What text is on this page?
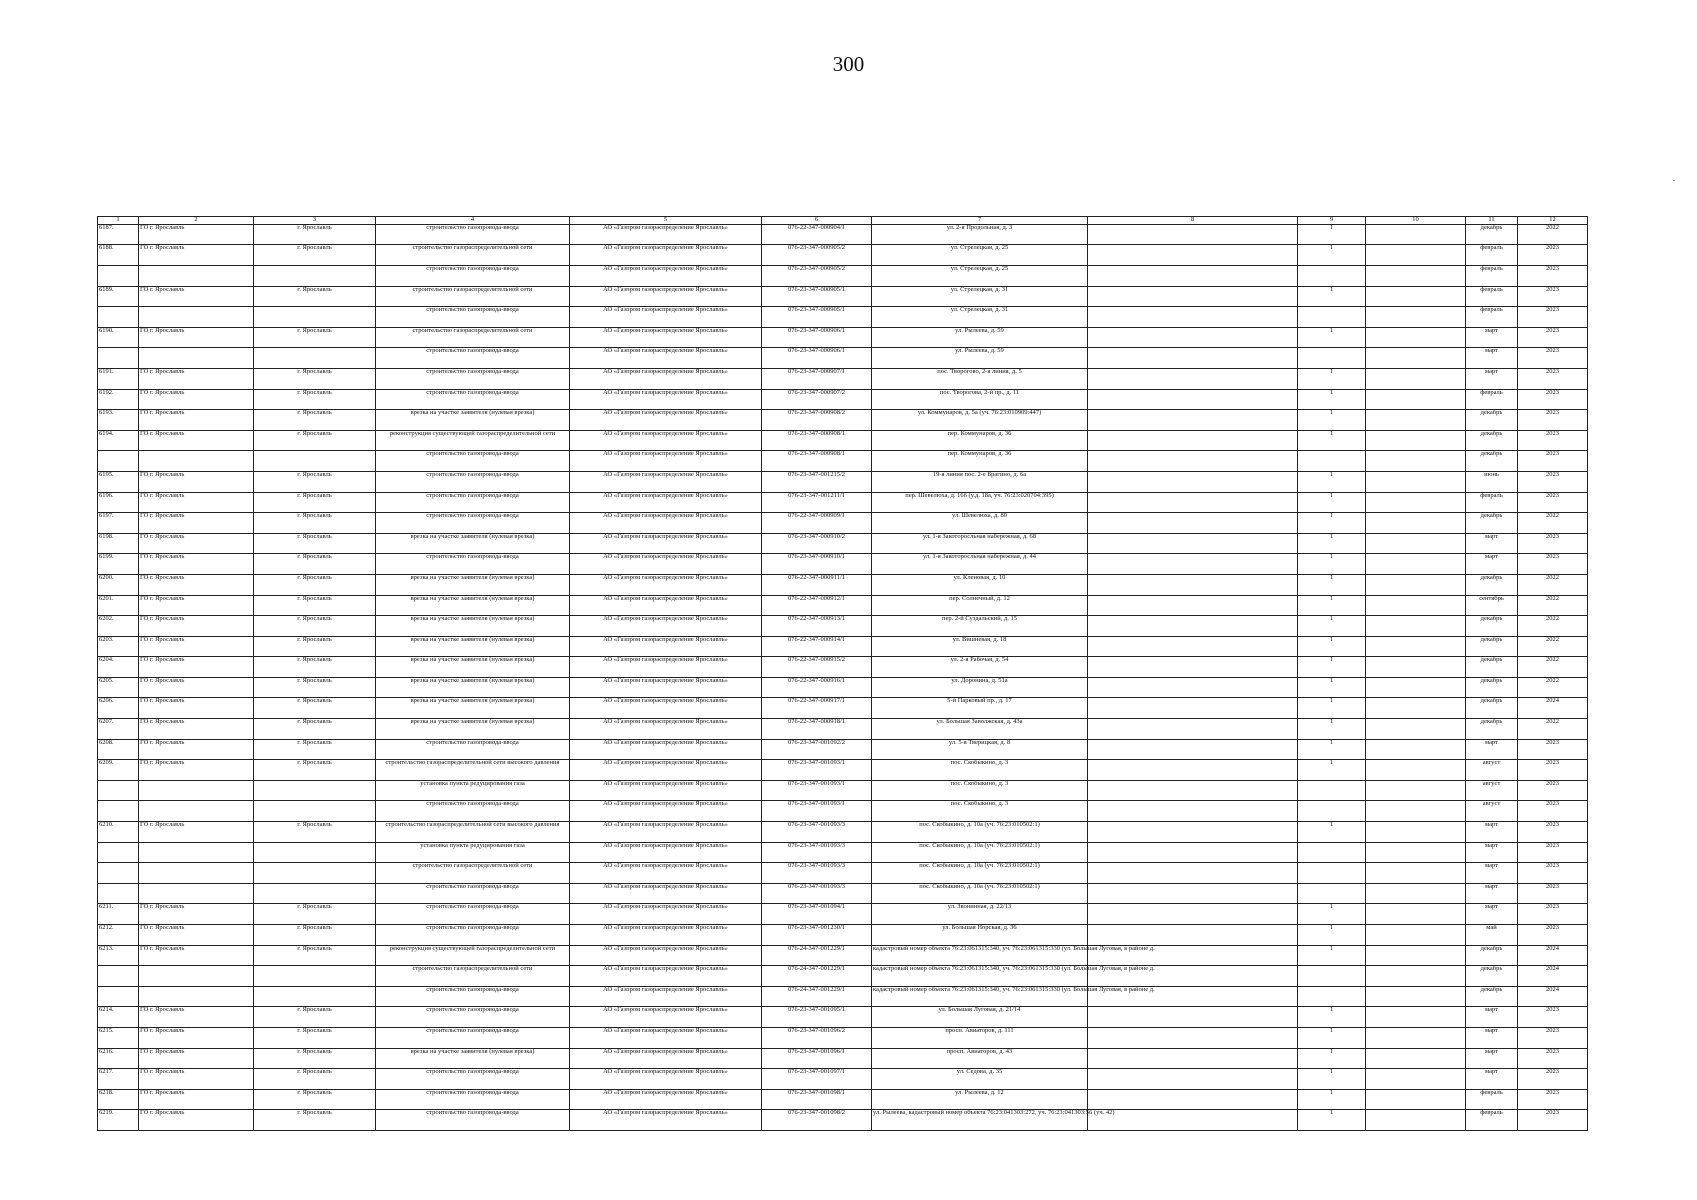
300
1	2	3	4	5	6	7	8	9	10	11	12
6187.	ГО г. Ярославль	г. Ярославль	строительство газопровода-ввода	АО «Газпром газораспределение Ярославль»	076-22-347-000904/1	ул. 2-я Продольная, д. 3		1		декабрь	2022
6188.	ГО г. Ярославль	г. Ярославль	строительство газораспределительной сети	АО «Газпром газораспределение Ярославль»	076-23-347-000905/2	ул. Стрелецкая, д. 25		1		февраль	2023
			строительство газопровода-ввода	АО «Газпром газораспределение Ярославль»	076-23-347-000905/2	ул. Стрелецкая, д. 25				февраль	2023
6189.	ГО г. Ярославль	г. Ярославль	строительство газораспределительной сети	АО «Газпром газораспределение Ярославль»	076-23-347-000905/1	ул. Стрелецкая, д. 31		1		февраль	2023
			строительство газопровода-ввода	АО «Газпром газораспределение Ярославль»	076-23-347-000905/1	ул. Стрелецкая, д. 31				февраль	2023
6190.	ГО г. Ярославль	г. Ярославль	строительство газораспределительной сети	АО «Газпром газораспределение Ярославль»	076-23-347-000906/1	ул. Рылеева, д. 59		1		март	2023
			строительство газопровода-ввода	АО «Газпром газораспределение Ярославль»	076-23-347-000906/1	ул. Рылеева, д. 59				март	2023
6191.	ГО г. Ярославль	г. Ярославль	строительство газопровода-ввода	АО «Газпром газораспределение Ярославль»	076-23-347-000907/1	пос. Творогово, 2-я линия, д. 5		1		март	2023
6192.	ГО г. Ярославль	г. Ярославль	строительство газопровода-ввода	АО «Газпром газораспределение Ярославль»	076-23-347-000907/2	пос. Творогова, 2-й пр., д. 11		1		февраль	2023
6193.	ГО г. Ярославль	г. Ярославль	врезка на участке заявителя (нулевая врезка)	АО «Газпром газораспределение Ярославль»	076-23-347-000908/2	ул. Коммунаров, д. 5а (уч. 76:23:010909:447)		1		декабрь	2023
6194.	ГО г. Ярославль	г. Ярославль	реконструкция существующей газораспределительной сети	АО «Газпром газораспределение Ярославль»	076-23-347-000908/1	пер. Коммунаров, д. 36		1		декабрь	2023
			строительство газопровода-ввода	АО «Газпром газораспределение Ярославль»	076-23-347-000908/1	пер. Коммунаров, д. 36				декабрь	2023
6195.	ГО г. Ярославль	г. Ярославль	строительство газопровода-ввода	АО «Газпром газораспределение Ярославль»	076-23-347-001215/2	19-я линия пос. 2-е Брагино, д. 6а		1		июнь	2023
6196.	ГО г. Ярославль	г. Ярославль	строительство газопровода-ввода	АО «Газпром газораспределение Ярославль»	076-23-347-001211/1	пер. Шевелюха, д. 166 (у.д. 18а, уч. 76:23:020704:395)		1		февраль	2023
6197.	ГО г. Ярославль	г. Ярославль	строительство газопровода-ввода	АО «Газпром газораспределение Ярославль»	076-22-347-000909/1	ул. Шевелюха, д. 80		1		декабрь	2022
6198.	ГО г. Ярославль	г. Ярославль	врезка на участке заявителя (нулевая врезка)	АО «Газпром газораспределение Ярославль»	076-23-347-000910/2	ул. 1-я Закоторосльная набережная, д. 68		1		март	2023
6199.	ГО г. Ярославль	г. Ярославль	строительство газопровода-ввода	АО «Газпром газораспределение Ярославль»	076-23-347-000910/1	ул. 1-я Закоторосльная набережная, д. 44		1		март	2023
6200.	ГО г. Ярославль	г. Ярославль	врезка на участке заявителя (нулевая врезка)	АО «Газпром газораспределение Ярославль»	076-22-347-000911/1	ул. Кленовая, д. 10		1		декабрь	2022
6201.	ГО г. Ярославль	г. Ярославль	врезка на участке заявителя (нулевая врезка)	АО «Газпром газораспределение Ярославль»	076-22-347-000912/1	пер. Солнечный, д. 12		1		сентябрь	2022
6202.	ГО г. Ярославль	г. Ярославль	врезка на участке заявителя (нулевая врезка)	АО «Газпром газораспределение Ярославль»	076-22-347-000913/1	пер. 2-й Суздальский, д. 15		1		декабрь	2022
6203.	ГО г. Ярославль	г. Ярославль	врезка на участке заявителя (нулевая врезка)	АО «Газпром газораспределение Ярославль»	076-22-347-000914/1	ул. Вишневая, д. 18		1		декабрь	2022
6204.	ГО г. Ярославль	г. Ярославль	врезка на участке заявителя (нулевая врезка)	АО «Газпром газораспределение Ярославль»	076-22-347-000915/2	ул. 2-я Рабочая, д. 54		1		декабрь	2022
6205.	ГО г. Ярославль	г. Ярославль	врезка на участке заявителя (нулевая врезка)	АО «Газпром газораспределение Ярославль»	076-22-347-000916/1	ул. Доронина, д. 51а		1		декабрь	2022
6206.	ГО г. Ярославль	г. Ярославль	врезка на участке заявителя (нулевая врезка)	АО «Газпром газораспределение Ярославль»	076-22-347-000917/1	5-й Парковый пр., д. 17		1		декабрь	2024
6207.	ГО г. Ярославль	г. Ярославль	врезка на участке заявителя (нулевая врезка)	АО «Газпром газораспределение Ярославль»	076-22-347-000918/1	ул. Большая Заволжская, д. 43а		1		декабрь	2022
6208.	ГО г. Ярославль	г. Ярославль	строительство газопровода-ввода	АО «Газпром газораспределение Ярославль»	076-23-347-001092/2	ул. 5-я Тверицкая, д. 8		1		март	2023
6209.	ГО г. Ярославль	г. Ярославль	строительство газораспределительной сети высокого давления	АО «Газпром газораспределение Ярославль»	076-23-347-001093/1	пос. Скобыкино, д. 3		1		август	2023
			установка пункта редуцирования газа	АО «Газпром газораспределение Ярославль»	076-23-347-001093/1	пос. Скобыкино, д. 3				август	2023
			строительство газопровода-ввода	АО «Газпром газораспределение Ярославль»	076-23-347-001093/1	пос. Скобыкино, д. 3				август	2023
6210.	ГО г. Ярославль	г. Ярославль	строительство газораспределительной сети высокого давления	АО «Газпром газораспределение Ярославль»	076-23-347-001093/3	пос. Скобыкино, д. 10а (уч. 76:23:010502:1)		1		март	2023
			установка пункта редуцирования газа	АО «Газпром газораспределение Ярославль»	076-23-347-001093/3	пос. Скобыкино, д. 10а (уч. 76:23:010502:1)				март	2023
			строительство газораспределительной сети	АО «Газпром газораспределение Ярославль»	076-23-347-001093/3	пос. Скобыкино, д. 10а (уч. 76:23:010502:1)				март	2023
			строительство газопровода-ввода	АО «Газпром газораспределение Ярославль»	076-23-347-001093/3	пос. Скобыкино, д. 10а (уч. 76:23:010502:1)				март	2023
6211.	ГО г. Ярославль	г. Ярославль	строительство газопровода-ввода	АО «Газпром газораспределение Ярославль»	076-23-347-001094/1	ул. Звонинная, д. 22/13		1		март	2023
6212.	ГО г. Ярославль	г. Ярославль	строительство газопровода-ввода	АО «Газпром газораспределение Ярославль»	076-23-347-001230/1	ул. Большая Норская, д. 36		1		май	2023
6213.	ГО г. Ярославль	г. Ярославль	реконструкция существующей газораспределительной сети	АО «Газпром газораспределение Ярославль»	076-24-347-001229/1	кадастровый номер объекта 76:23:061315:340, уч. 76:23:061315:330 (ул. Большая Луговая, в районе д.		1		декабрь	2024
			строительство газораспределительной сети	АО «Газпром газораспределение Ярославль»	076-24-347-001229/1	кадастровый номер объекта 76:23:061315:340, уч. 76:23:061315:330 (ул. Большая Луговая, в районе д.				декабрь	2024
			строительство газопровода-ввода	АО «Газпром газораспределение Ярославль»	076-24-347-001229/1	кадастровый номер объекта 76:23:061315:340, уч. 76:23:061315:330 (ул. Большая Луговая, в районе д.				декабрь	2024
6214.	ГО г. Ярославль	г. Ярославль	строительство газопровода-ввода	АО «Газпром газораспределение Ярославль»	076-23-347-001095/1	ул. Большая Луговая, д. 21/14		1		март	2023
6215.	ГО г. Ярославль	г. Ярославль	строительство газопровода-ввода	АО «Газпром газораспределение Ярославль»	076-23-347-001096/2	просп. Авиаторов, д. 111		1		март	2023
6216.	ГО г. Ярославль	г. Ярославль	врезка на участке заявителя (нулевая врезка)	АО «Газпром газораспределение Ярославль»	076-23-347-001096/1	просп. Авиаторов, д. 43		1		март	2023
6217.	ГО г. Ярославль	г. Ярославль	строительство газопровода-ввода	АО «Газпром газораспределение Ярославль»	076-23-347-001097/1	ул. Седова, д. 35		1		март	2023
6218.	ГО г. Ярославль	г. Ярославль	строительство газопровода-ввода	АО «Газпром газораспределение Ярославль»	076-23-347-001098/1	ул. Рылеева, д. 12		1		февраль	2023
6219.	ГО г. Ярославль	г. Ярославль	строительство газопровода-ввода	АО «Газпром газораспределение Ярославль»	076-23-347-001098/2	ул. Рылеева, кадастровый номер объекта 76:23:041303:272, уч. 76:23:041303:56 (уч. 42)		1		февраль	2023
